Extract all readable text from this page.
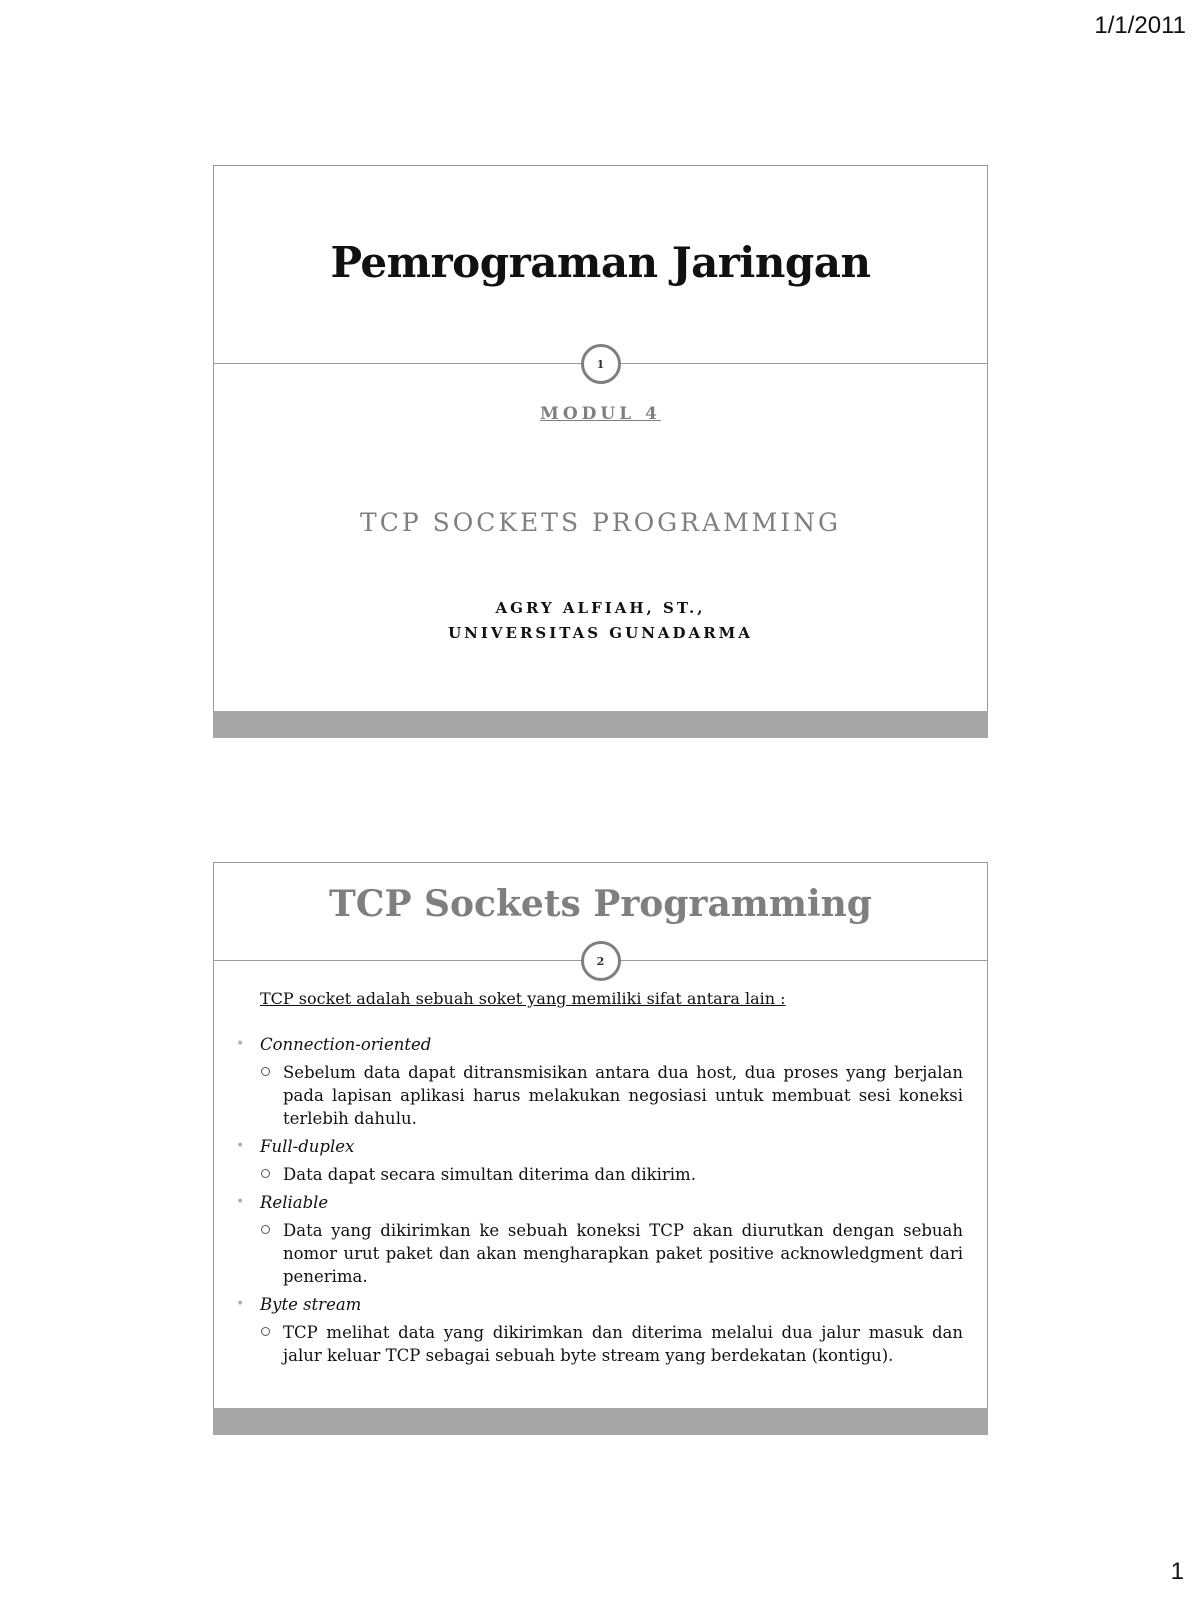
1/1/2011
Pemrograman Jaringan
1
MODUL 4
TCP SOCKETS PROGRAMMING
AGRY ALFIAH, ST.,
UNIVERSITAS GUNADARMA
TCP Sockets Programming
2
TCP socket adalah sebuah soket yang memiliki sifat antara lain :
• Connection-oriented
Sebelum data dapat ditransmisikan antara dua host, dua proses yang berjalan pada lapisan aplikasi harus melakukan negosiasi untuk membuat sesi koneksi terlebih dahulu.
• Full-duplex
Data dapat secara simultan diterima dan dikirim.
• Reliable
Data yang dikirimkan ke sebuah koneksi TCP akan diurutkan dengan sebuah nomor urut paket dan akan mengharapkan paket positive acknowledgment dari penerima.
• Byte stream
TCP melihat data yang dikirimkan dan diterima melalui dua jalur masuk dan jalur keluar TCP sebagai sebuah byte stream yang berdekatan (kontigu).
1
